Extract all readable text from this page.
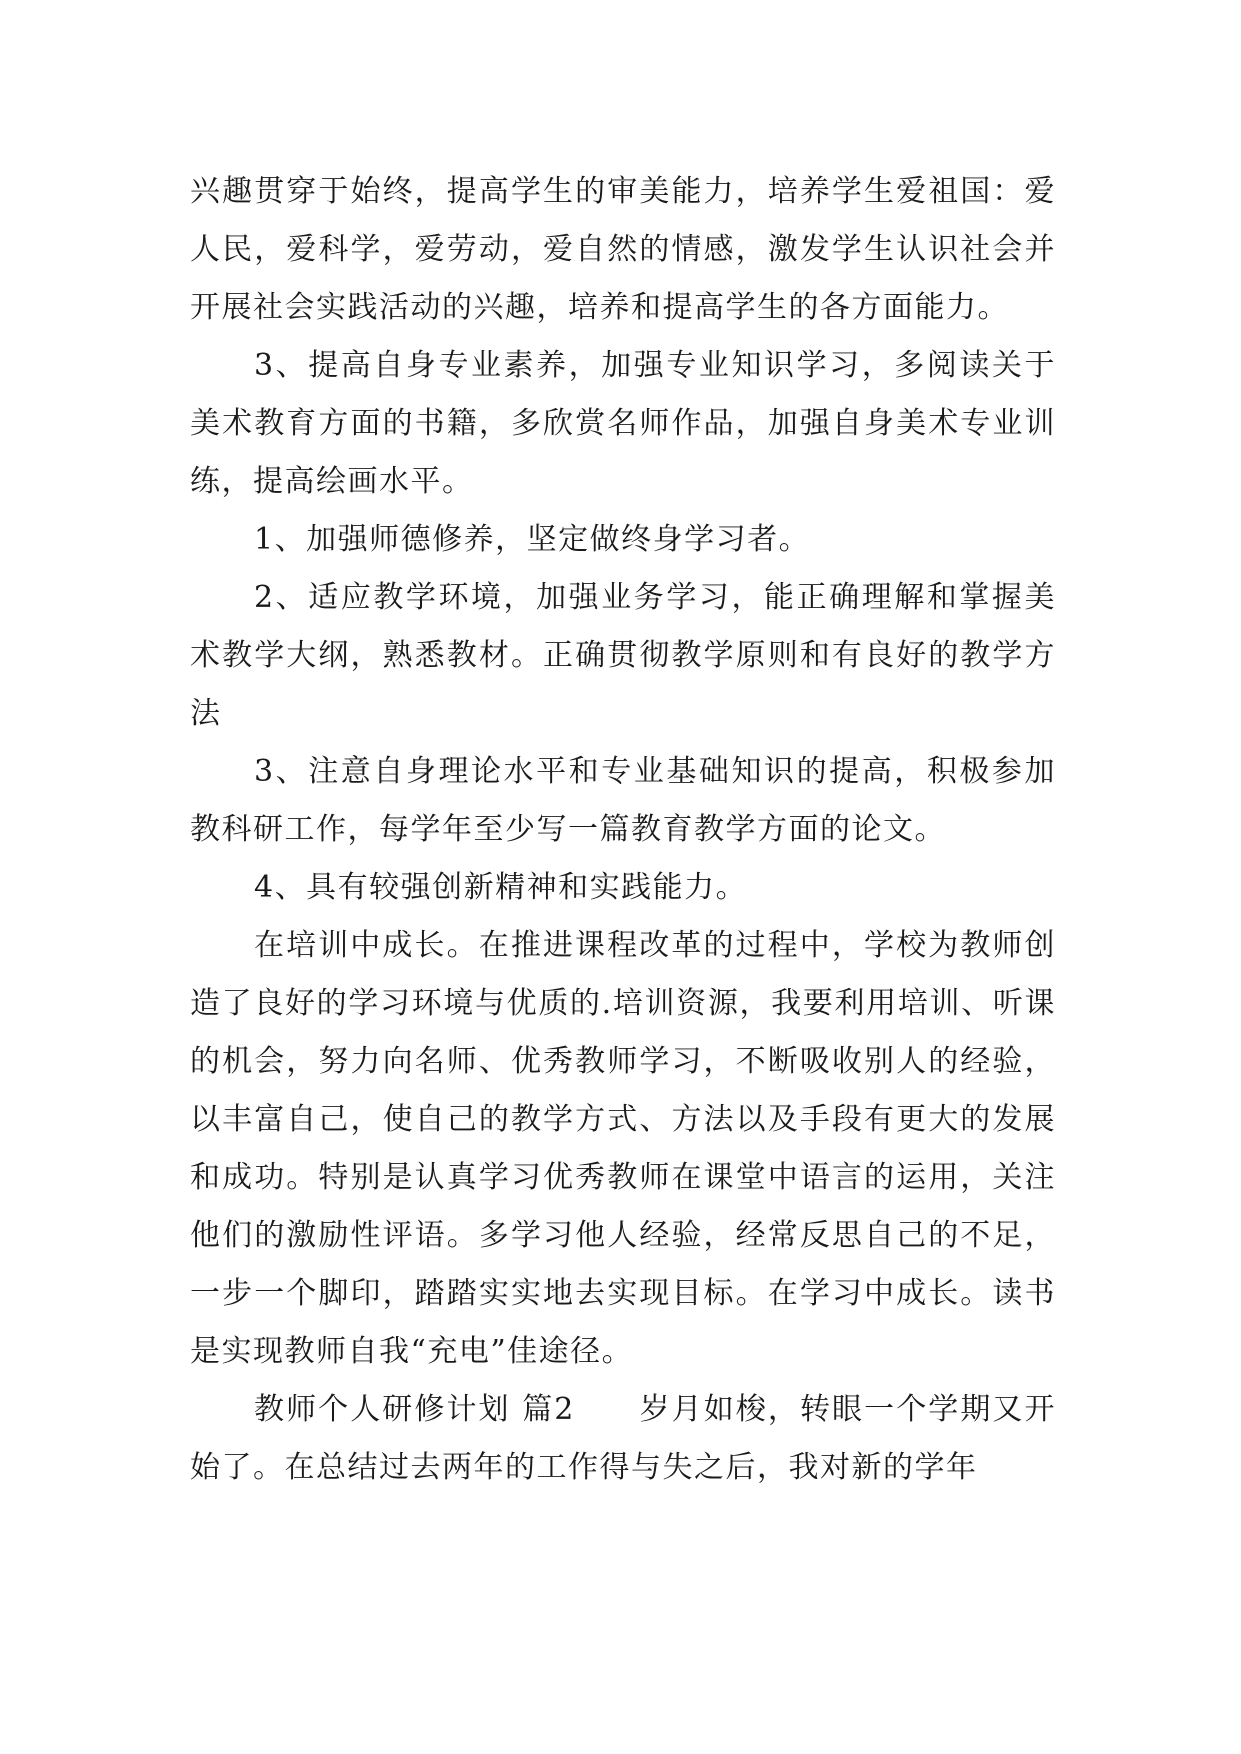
兴趣贯穿于始终，提高学生的审美能力，培养学生爱祖国：爱人民，爱科学，爱劳动，爱自然的情感，激发学生认识社会并开展社会实践活动的兴趣，培养和提高学生的各方面能力。

3、提高自身专业素养，加强专业知识学习，多阅读关于美术教育方面的书籍，多欣赏名师作品，加强自身美术专业训练，提高绘画水平。

1、加强师德修养，坚定做终身学习者。

2、适应教学环境，加强业务学习，能正确理解和掌握美术教学大纲，熟悉教材。正确贯彻教学原则和有良好的教学方法

3、注意自身理论水平和专业基础知识的提高，积极参加教科研工作，每学年至少写一篇教育教学方面的论文。

4、具有较强创新精神和实践能力。

在培训中成长。在推进课程改革的过程中，学校为教师创造了良好的学习环境与优质的.培训资源，我要利用培训、听课的机会，努力向名师、优秀教师学习，不断吸收别人的经验，以丰富自己，使自己的教学方式、方法以及手段有更大的发展和成功。特别是认真学习优秀教师在课堂中语言的运用，关注他们的激励性评语。多学习他人经验，经常反思自己的不足，一步一个脚印，踏踏实实地去实现目标。在学习中成长。读书是实现教师自我“充电”佳途径。

教师个人研修计划 篇2　　岁月如梭，转眼一个学期又开始了。在总结过去两年的工作得与失之后，我对新的学年
